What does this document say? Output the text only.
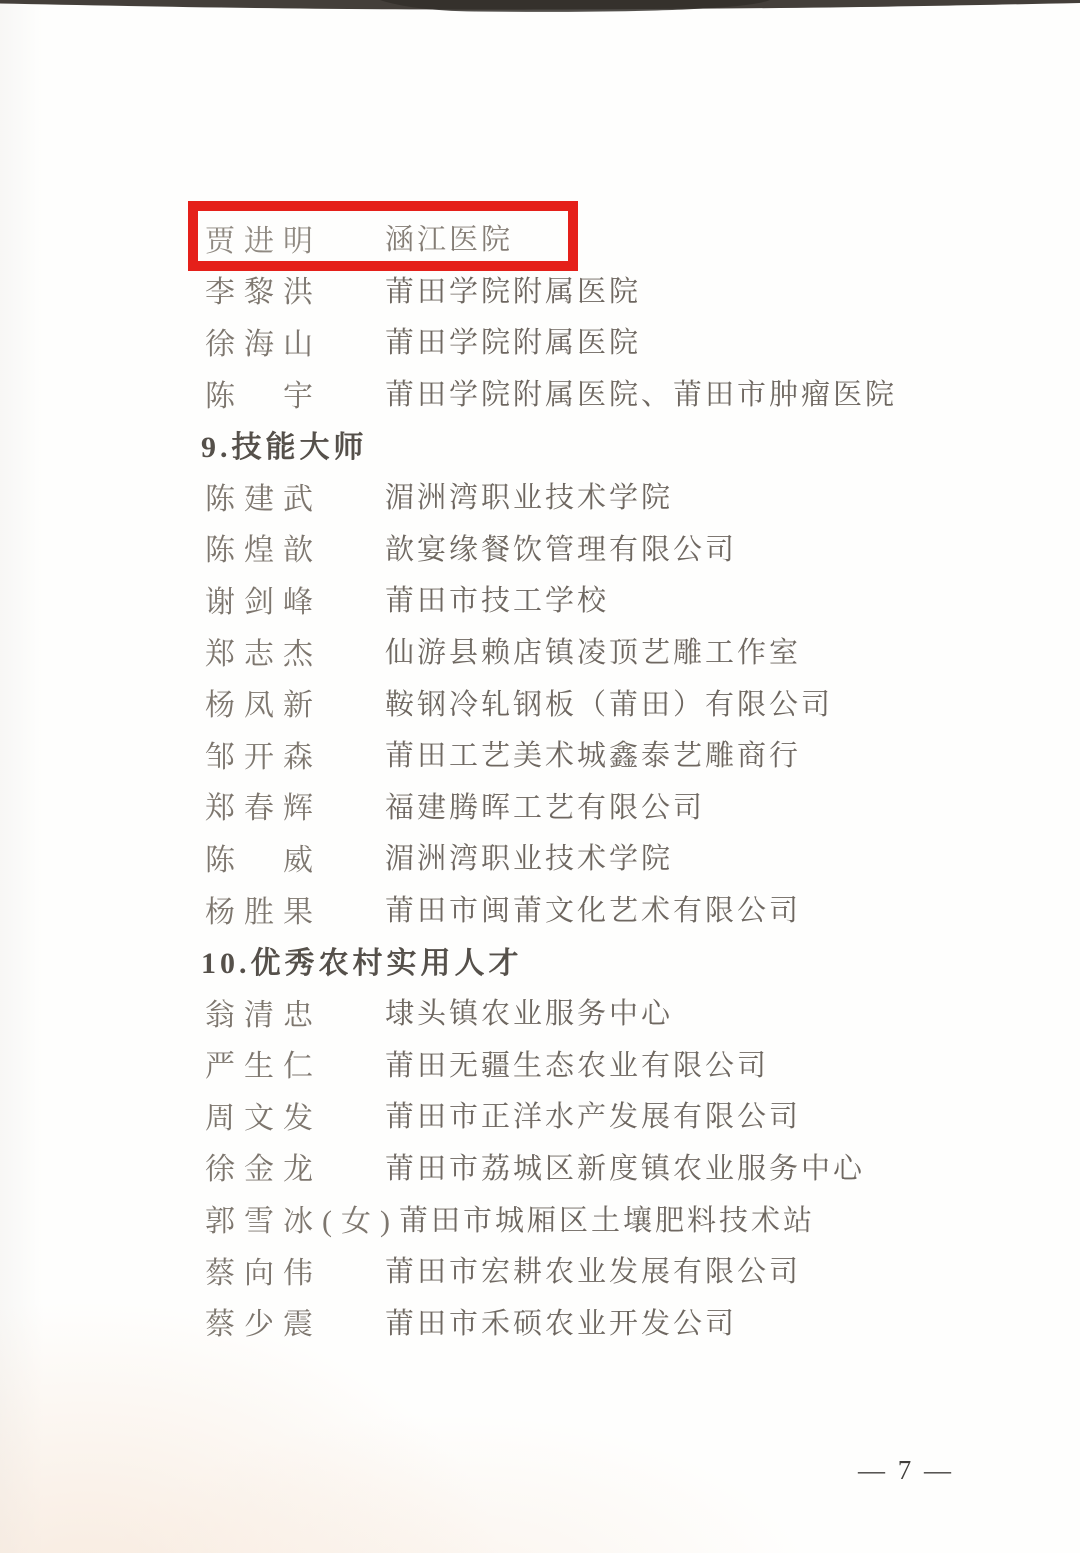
贾进明	涵江医院
李黎洪	莆田学院附属医院
徐海山	莆田学院附属医院
陈　宇	莆田学院附属医院、莆田市肿瘤医院
9.技能大师
陈建武	湄洲湾职业技术学院
陈煌歆	歆宴缘餐饮管理有限公司
谢剑峰	莆田市技工学校
郑志杰	仙游县赖店镇凌顶艺雕工作室
杨凤新	鞍钢冷轧钢板（莆田）有限公司
邹开森	莆田工艺美术城鑫泰艺雕商行
郑春辉	福建腾晖工艺有限公司
陈　威	湄洲湾职业技术学院
杨胜果	莆田市闽莆文化艺术有限公司
10.优秀农村实用人才
翁清忠	埭头镇农业服务中心
严生仁	莆田无疆生态农业有限公司
周文发	莆田市正洋水产发展有限公司
徐金龙	莆田市荔城区新度镇农业服务中心
郭雪冰(女) 莆田市城厢区土壤肥料技术站
蔡向伟	莆田市宏耕农业发展有限公司
蔡少震	莆田市禾硕农业开发公司
— 7 —
